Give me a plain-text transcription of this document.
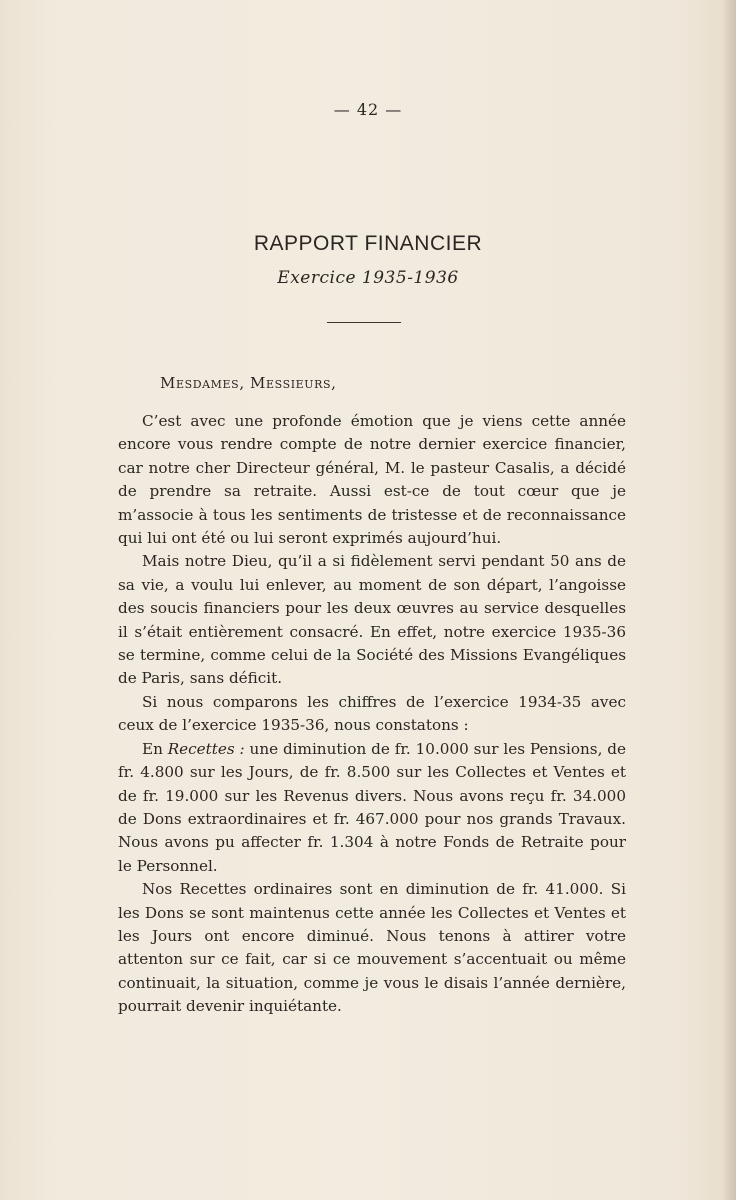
— 42 —
RAPPORT FINANCIER
Exercice 1935-1936
Mesdames, Messieurs,

C’est avec une profonde émotion que je viens cette année encore vous rendre compte de notre dernier exercice financier, car notre cher Directeur général, M. le pasteur Casalis, a décidé de prendre sa retraite. Aussi est-ce de tout cœur que je m’associe à tous les sentiments de tristesse et de reconnaissance qui lui ont été ou lui seront exprimés aujourd’hui.

Mais notre Dieu, qu’il a si fidèlement servi pendant 50 ans de sa vie, a voulu lui enlever, au moment de son départ, l’angoisse des soucis financiers pour les deux œuvres au service desquelles il s’était entièrement consacré. En effet, notre exercice 1935-36 se termine, comme celui de la Société des Missions Evangéliques de Paris, sans déficit.

Si nous comparons les chiffres de l’exercice 1934-35 avec ceux de l’exercice 1935-36, nous constatons :

En Recettes : une diminution de fr. 10.000 sur les Pensions, de fr. 4.800 sur les Jours, de fr. 8.500 sur les Collectes et Ventes et de fr. 19.000 sur les Revenus divers. Nous avons reçu fr. 34.000 de Dons extraordinaires et fr. 467.000 pour nos grands Travaux. Nous avons pu affecter fr. 1.304 à notre Fonds de Retraite pour le Personnel.

Nos Recettes ordinaires sont en diminution de fr. 41.000. Si les Dons se sont maintenus cette année les Collectes et Ventes et les Jours ont encore diminué. Nous tenons à attirer votre attenton sur ce fait, car si ce mouvement s’accentuait ou même continuait, la situation, comme je vous le disais l’année dernière, pourrait devenir inquiétante.
